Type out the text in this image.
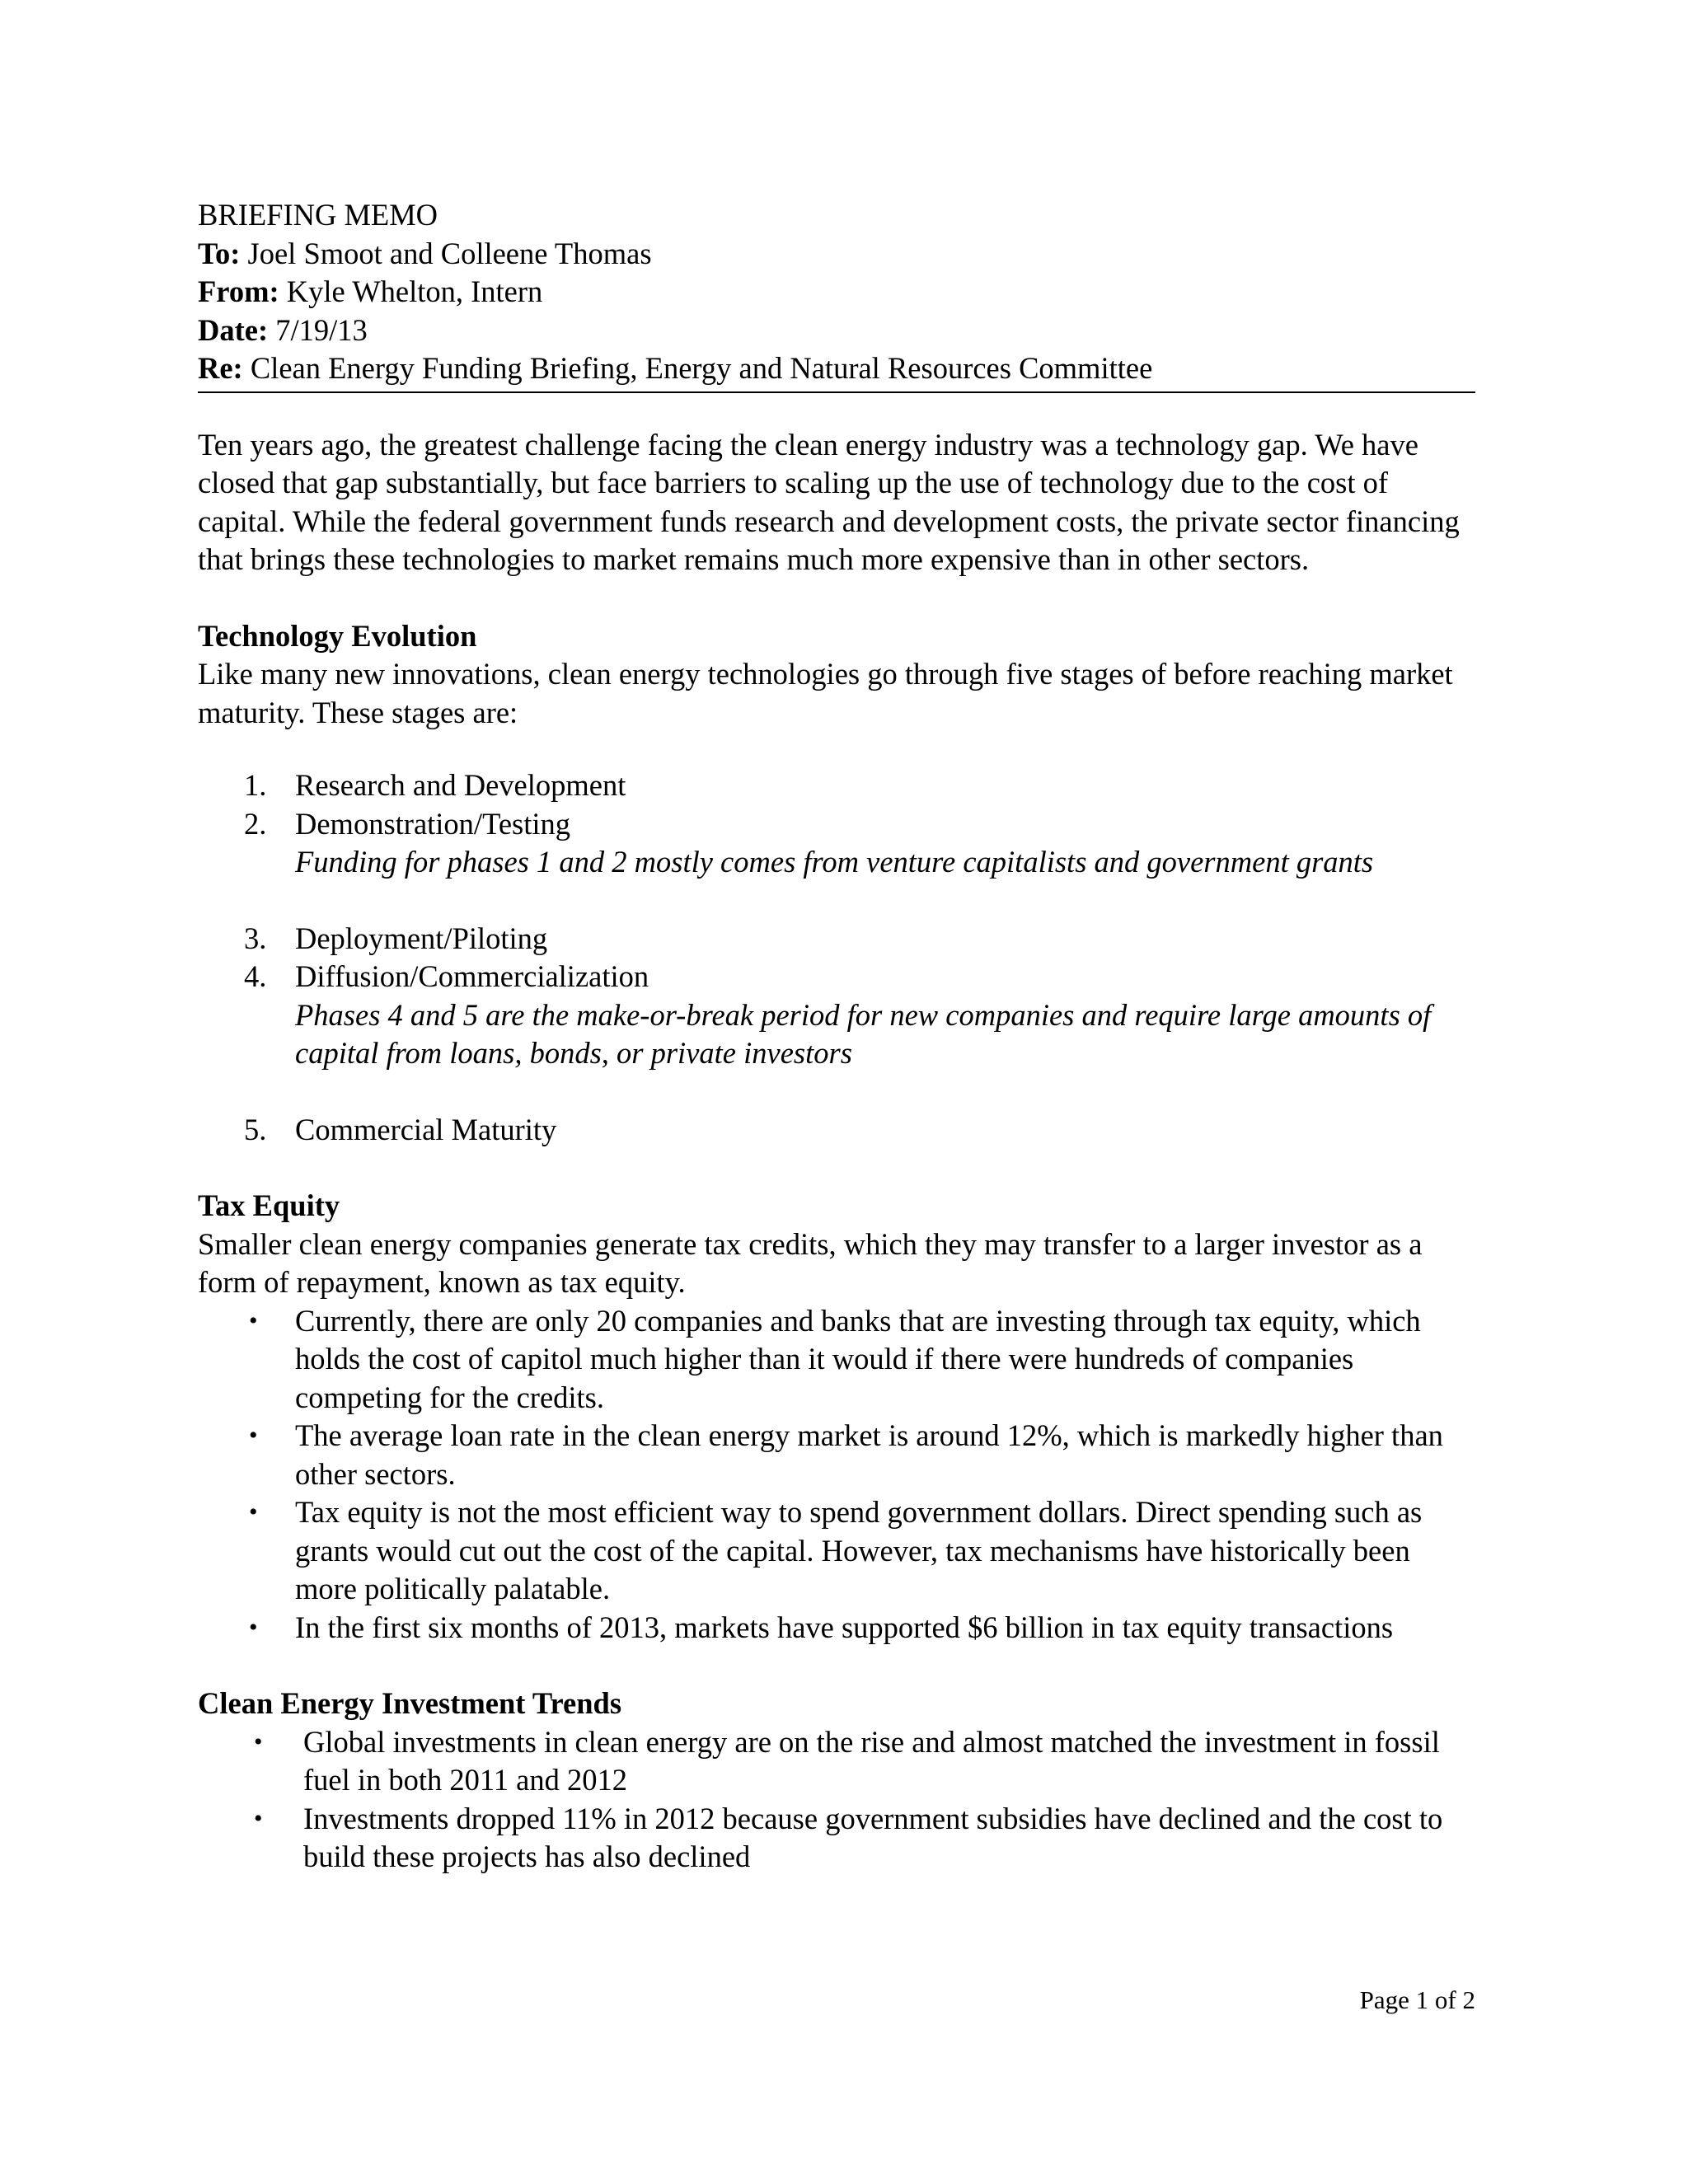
BRIEFING MEMO
To: Joel Smoot and Colleene Thomas
From: Kyle Whelton, Intern
Date: 7/19/13
Re: Clean Energy Funding Briefing, Energy and Natural Resources Committee

Ten years ago, the greatest challenge facing the clean energy industry was a technology gap. We have closed that gap substantially, but face barriers to scaling up the use of technology due to the cost of capital. While the federal government funds research and development costs, the private sector financing that brings these technologies to market remains much more expensive than in other sectors.

Technology Evolution

Like many new innovations, clean energy technologies go through five stages of before reaching market maturity. These stages are:

1. Research and Development
2. Demonstration/Testing
Funding for phases 1 and 2 mostly comes from venture capitalists and government grants
3. Deployment/Piloting
4. Diffusion/Commercialization
Phases 4 and 5 are the make-or-break period for new companies and require large amounts of capital from loans, bonds, or private investors
5. Commercial Maturity
Tax Equity

Smaller clean energy companies generate tax credits, which they may transfer to a larger investor as a form of repayment, known as tax equity.

• Currently, there are only 20 companies and banks that are investing through tax equity, which holds the cost of capitol much higher than it would if there were hundreds of companies competing for the credits.
• The average loan rate in the clean energy market is around 12%, which is markedly higher than other sectors.
• Tax equity is not the most efficient way to spend government dollars. Direct spending such as grants would cut out the cost of the capital. However, tax mechanisms have historically been more politically palatable.
• In the first six months of 2013, markets have supported $6 billion in tax equity transactions
Clean Energy Investment Trends
• Global investments in clean energy are on the rise and almost matched the investment in fossil fuel in both 2011 and 2012
• Investments dropped 11% in 2012 because government subsidies have declined and the cost to build these projects has also declined
Page 1 of 2
